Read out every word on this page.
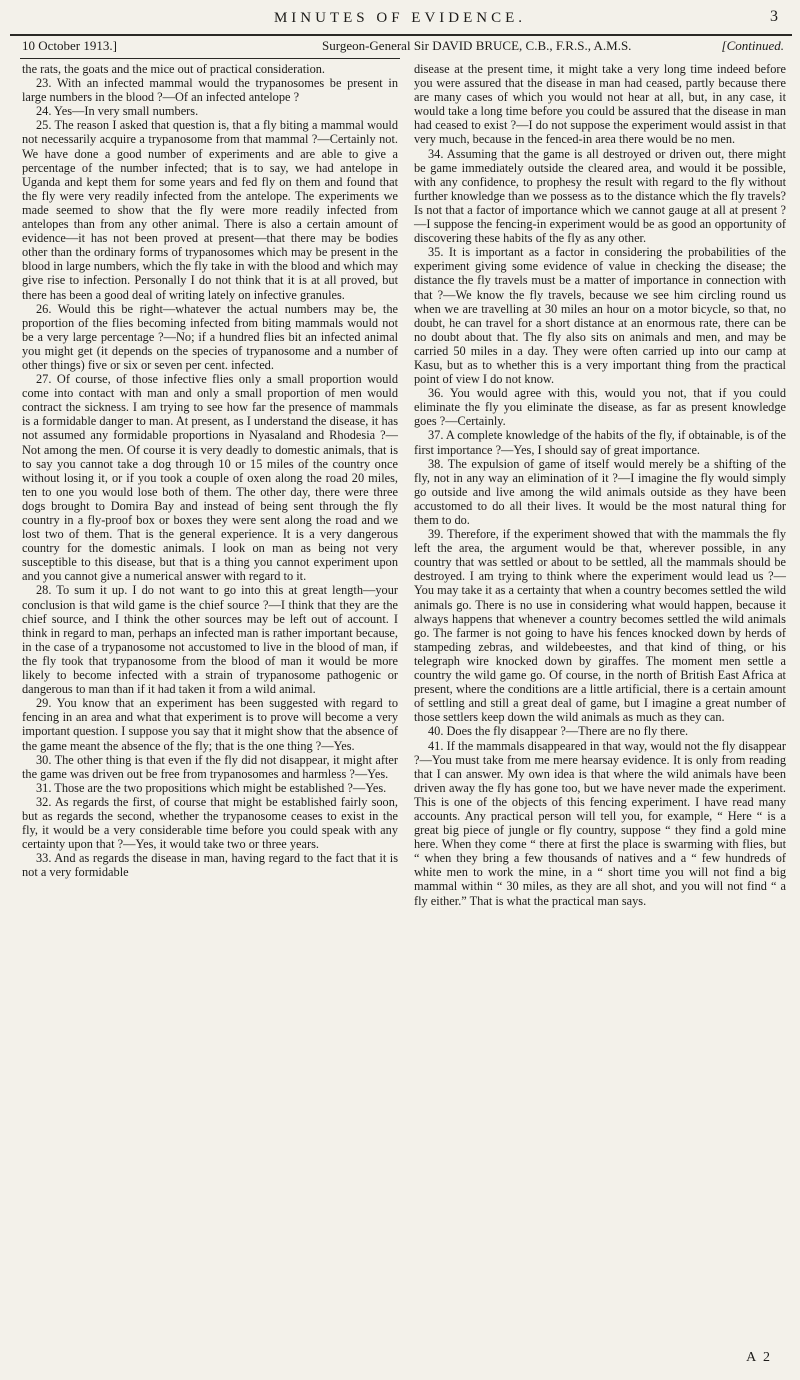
MINUTES OF EVIDENCE.	3
10 October 1913.]	Surgeon-General Sir DAVID BRUCE, C.B., F.R.S., A.M.S.	[Continued.

the rats, the goats and the mice out of practical consideration.

23. With an infected mammal would the trypanosomes be present in large numbers in the blood ?—Of an infected antelope ?

24. Yes—In very small numbers.

25. The reason I asked that question is, that a fly biting a mammal would not necessarily acquire a trypanosome from that mammal ?—Certainly not. We have done a good number of experiments and are able to give a percentage of the number infected; that is to say, we had antelope in Uganda and kept them for some years and fed fly on them and found that the fly were very readily infected from the antelope. The experiments we made seemed to show that the fly were more readily infected from antelopes than from any other animal. There is also a certain amount of evidence—it has not been proved at present—that there may be bodies other than the ordinary forms of trypanosomes which may be present in the blood in large numbers, which the fly take in with the blood and which may give rise to infection. Personally I do not think that it is at all proved, but there has been a good deal of writing lately on infective granules.

26. Would this be right—whatever the actual numbers may be, the proportion of the flies becoming infected from biting mammals would not be a very large percentage ?—No; if a hundred flies bit an infected animal you might get (it depends on the species of trypanosome and a number of other things) five or six or seven per cent. infected.

27. Of course, of those infective flies only a small proportion would come into contact with man and only a small proportion of men would contract the sickness. I am trying to see how far the presence of mammals is a formidable danger to man. At present, as I understand the disease, it has not assumed any formidable proportions in Nyasaland and Rhodesia ?—Not among the men. Of course it is very deadly to domestic animals, that is to say you cannot take a dog through 10 or 15 miles of the country once without losing it, or if you took a couple of oxen along the road 20 miles, ten to one you would lose both of them. The other day, there were three dogs brought to Domira Bay and instead of being sent through the fly country in a fly-proof box or boxes they were sent along the road and we lost two of them. That is the general experience. It is a very dangerous country for the domestic animals. I look on man as being not very susceptible to this disease, but that is a thing you cannot experiment upon and you cannot give a numerical answer with regard to it.

28. To sum it up. I do not want to go into this at great length—your conclusion is that wild game is the chief source ?—I think that they are the chief source, and I think the other sources may be left out of account. I think in regard to man, perhaps an infected man is rather important because, in the case of a trypanosome not accustomed to live in the blood of man, if the fly took that trypanosome from the blood of man it would be more likely to become infected with a strain of trypanosome pathogenic or dangerous to man than if it had taken it from a wild animal.

29. You know that an experiment has been suggested with regard to fencing in an area and what that experiment is to prove will become a very important question. I suppose you say that it might show that the absence of the game meant the absence of the fly; that is the one thing ?—Yes.

30. The other thing is that even if the fly did not disappear, it might after the game was driven out be free from trypanosomes and harmless ?—Yes.

31. Those are the two propositions which might be established ?—Yes.

32. As regards the first, of course that might be established fairly soon, but as regards the second, whether the trypanosome ceases to exist in the fly, it would be a very considerable time before you could speak with any certainty upon that ?—Yes, it would take two or three years.

33. And as regards the disease in man, having regard to the fact that it is not a very formidable

disease at the present time, it might take a very long time indeed before you were assured that the disease in man had ceased, partly because there are many cases of which you would not hear at all, but, in any case, it would take a long time before you could be assured that the disease in man had ceased to exist ?—I do not suppose the experiment would assist in that very much, because in the fenced-in area there would be no men.

34. Assuming that the game is all destroyed or driven out, there might be game immediately outside the cleared area, and would it be possible, with any confidence, to prophesy the result with regard to the fly without further knowledge than we possess as to the distance which the fly travels? Is not that a factor of importance which we cannot gauge at all at present ?—I suppose the fencing-in experiment would be as good an opportunity of discovering these habits of the fly as any other.

35. It is important as a factor in considering the probabilities of the experiment giving some evidence of value in checking the disease; the distance the fly travels must be a matter of importance in connection with that ?—We know the fly travels, because we see him circling round us when we are travelling at 30 miles an hour on a motor bicycle, so that, no doubt, he can travel for a short distance at an enormous rate, there can be no doubt about that. The fly also sits on animals and men, and may be carried 50 miles in a day. They were often carried up into our camp at Kasu, but as to whether this is a very important thing from the practical point of view I do not know.

36. You would agree with this, would you not, that if you could eliminate the fly you eliminate the disease, as far as present knowledge goes ?—Certainly.

37. A complete knowledge of the habits of the fly, if obtainable, is of the first importance ?—Yes, I should say of great importance.

38. The expulsion of game of itself would merely be a shifting of the fly, not in any way an elimination of it ?—I imagine the fly would simply go outside and live among the wild animals outside as they have been accustomed to do all their lives. It would be the most natural thing for them to do.

39. Therefore, if the experiment showed that with the mammals the fly left the area, the argument would be that, wherever possible, in any country that was settled or about to be settled, all the mammals should be destroyed. I am trying to think where the experiment would lead us ?—You may take it as a certainty that when a country becomes settled the wild animals go. There is no use in considering what would happen, because it always happens that whenever a country becomes settled the wild animals go. The farmer is not going to have his fences knocked down by herds of stampeding zebras, and wildebeestes, and that kind of thing, or his telegraph wire knocked down by giraffes. The moment men settle a country the wild game go. Of course, in the north of British East Africa at present, where the conditions are a little artificial, there is a certain amount of settling and still a great deal of game, but I imagine a great number of those settlers keep down the wild animals as much as they can.

40. Does the fly disappear ?—There are no fly there.

41. If the mammals disappeared in that way, would not the fly disappear ?—You must take from me mere hearsay evidence. It is only from reading that I can answer. My own idea is that where the wild animals have been driven away the fly has gone too, but we have never made the experiment. This is one of the objects of this fencing experiment. I have read many accounts. Any practical person will tell you, for example, “ Here “ is a great big piece of jungle or fly country, suppose “ they find a gold mine here. When they come “ there at first the place is swarming with flies, but “ when they bring a few thousands of natives and a “ few hundreds of white men to work the mine, in a “ short time you will not find a big mammal within “ 30 miles, as they are all shot, and you will not find “ a fly either.” That is what the practical man says.

A 2
